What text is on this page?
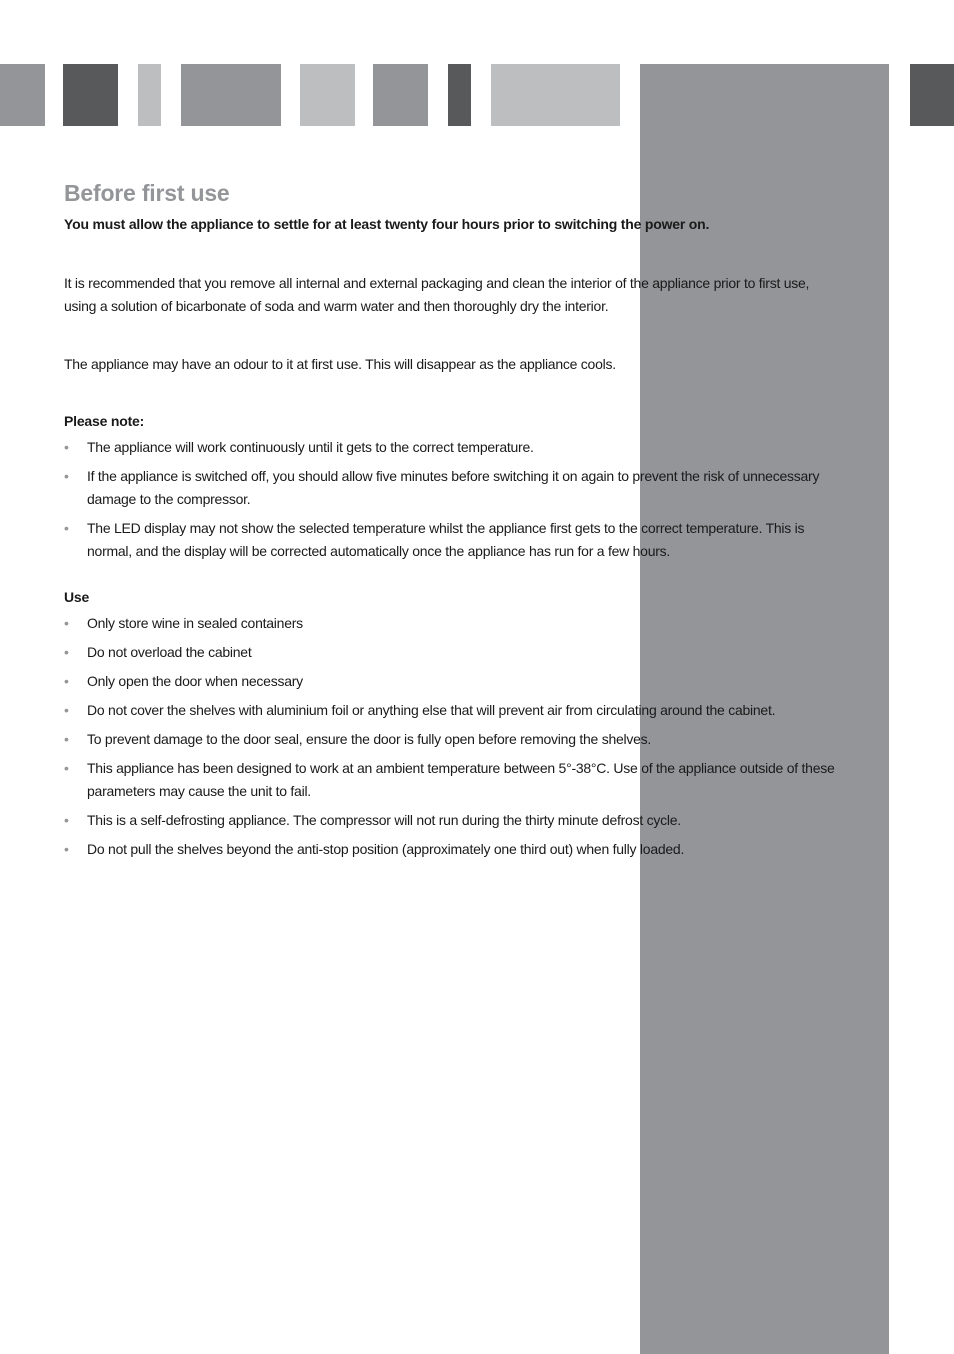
Before first use

You must allow the appliance to settle for at least twenty four hours prior to switching the power on.

It is recommended that you remove all internal and external packaging and clean the interior of the appliance prior to first use, using a solution of bicarbonate of soda and warm water and then thoroughly dry the interior.

The appliance may have an odour to it at first use. This will disappear as the appliance cools.

Please note:

• The appliance will work continuously until it gets to the correct temperature.
• If the appliance is switched off, you should allow five minutes before switching it on again to prevent the risk of unnecessary damage to the compressor.
• The LED display may not show the selected temperature whilst the appliance first gets to the correct temperature. This is normal, and the display will be corrected automatically once the appliance has run for a few hours.

Use

• Only store wine in sealed containers
• Do not overload the cabinet
• Only open the door when necessary
• Do not cover the shelves with aluminium foil or anything else that will prevent air from circulating around the cabinet.
• To prevent damage to the door seal, ensure the door is fully open before removing the shelves.
• This appliance has been designed to work at an ambient temperature between 5°-38°C. Use of the appliance outside of these parameters may cause the unit to fail.
• This is a self-defrosting appliance. The compressor will not run during the thirty minute defrost cycle.
• Do not pull the shelves beyond the anti-stop position (approximately one third out) when fully loaded.
